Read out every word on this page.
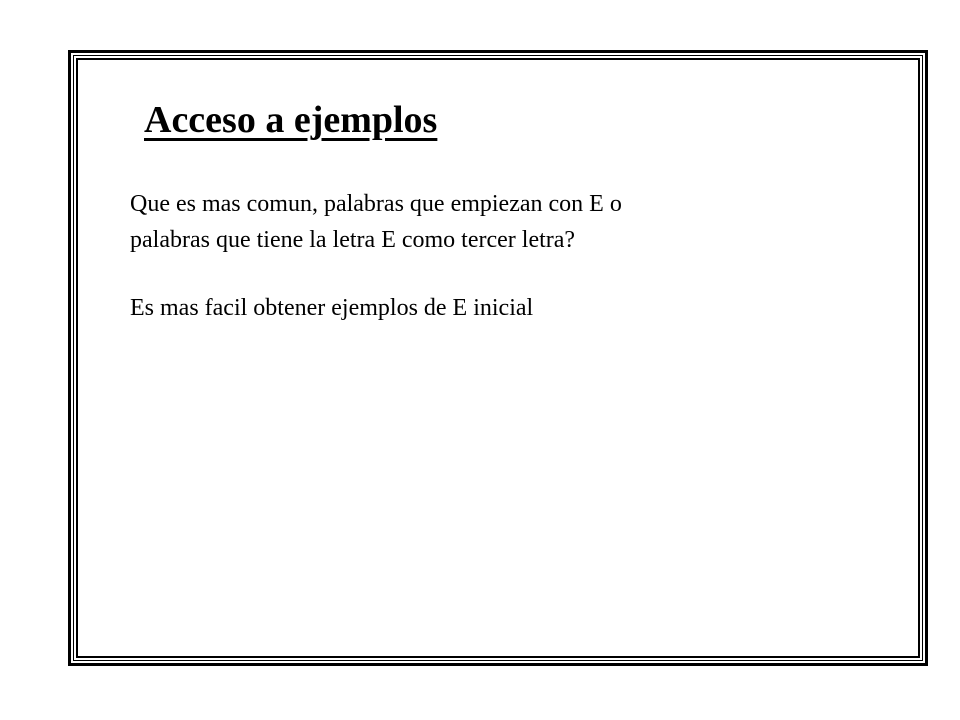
Acceso a ejemplos

Que es mas comun, palabras que empiezan con E o

palabras que tiene la letra E como tercer letra?

Es mas facil obtener ejemplos de E inicial
